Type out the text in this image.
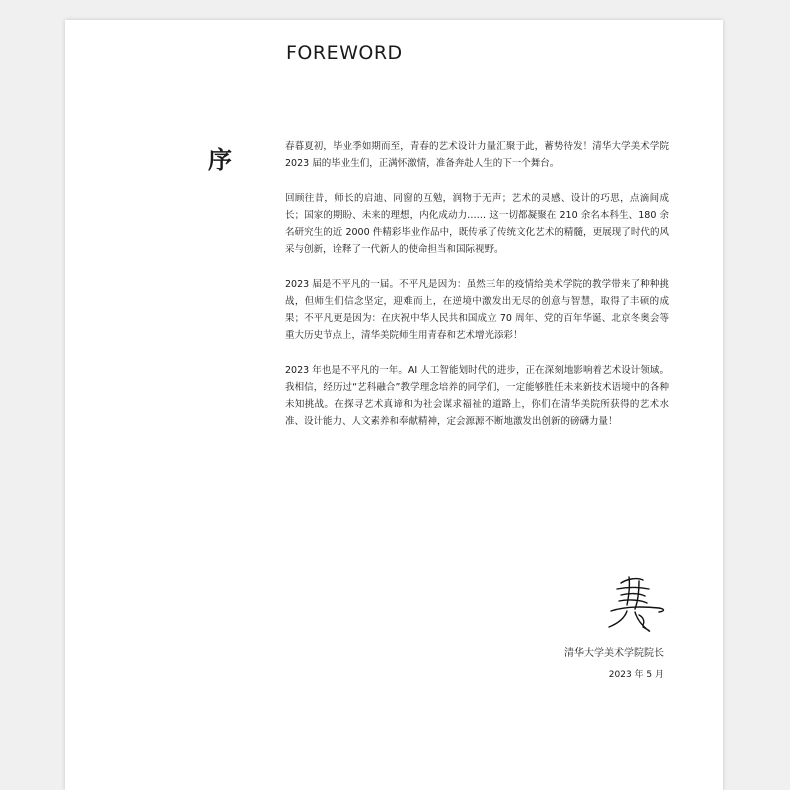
FOREWORD
序	春暮夏初，毕业季如期而至，青春的艺术设计力量汇聚于此，蓄势待发！清华大学美术学院 2023 届的毕业生们，正满怀激情，准备奔赴人生的下一个舞台。

回顾往昔，师长的启迪、同窗的互勉，润物于无声；艺术的灵感、设计的巧思，点滴间成长；国家的期盼、未来的理想，内化成动力…… 这一切都凝聚在 210 余名本科生、180 余名研究生的近 2000 件精彩毕业作品中，既传承了传统文化艺术的精髓，更展现了时代的风采与创新，诠释了一代新人的使命担当和国际视野。

2023 届是不平凡的一届。不平凡是因为：虽然三年的疫情给美术学院的教学带来了种种挑战，但师生们信念坚定，迎难而上，在逆境中激发出无尽的创意与智慧，取得了丰硕的成果；不平凡更是因为：在庆祝中华人民共和国成立 70 周年、党的百年华诞、北京冬奥会等重大历史节点上，清华美院师生用青春和艺术增光添彩！

2023 年也是不平凡的一年。AI 人工智能划时代的进步，正在深刻地影响着艺术设计领域。我相信，经历过“艺科融合”教学理念培养的同学们，一定能够胜任未来新技术语境中的各种未知挑战。在探寻艺术真谛和为社会谋求福祉的道路上，你们在清华美院所获得的艺术水准、设计能力、人文素养和奉献精神，定会源源不断地激发出创新的磅礴力量！

清华大学美术学院院长
2023 年 5 月
